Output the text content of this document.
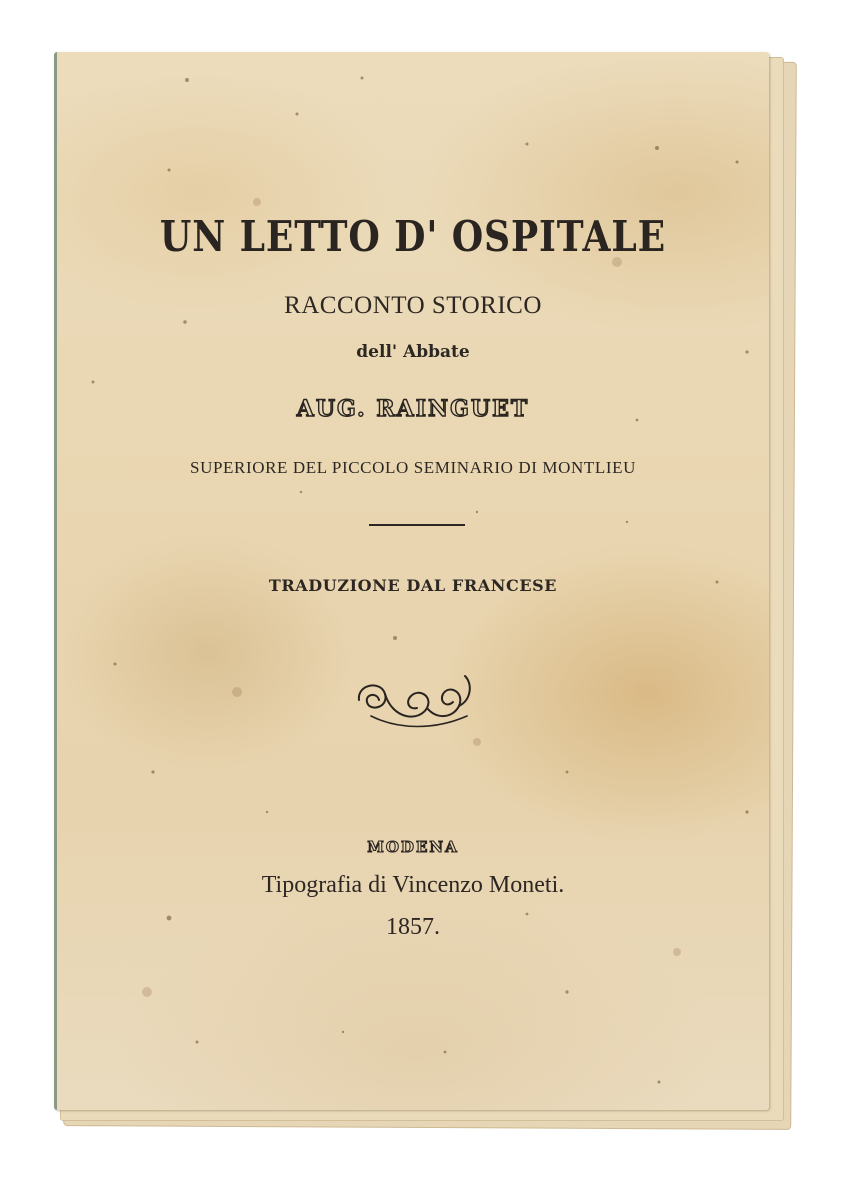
UN LETTO D' OSPITALE
RACCONTO STORICO
dell' Abbate
AUG. RAINGUET
SUPERIORE DEL PICCOLO SEMINARIO DI MONTLIEU
TRADUZIONE DAL FRANCESE
MODENA
Tipografia di Vincenzo Moneti.
1857.
